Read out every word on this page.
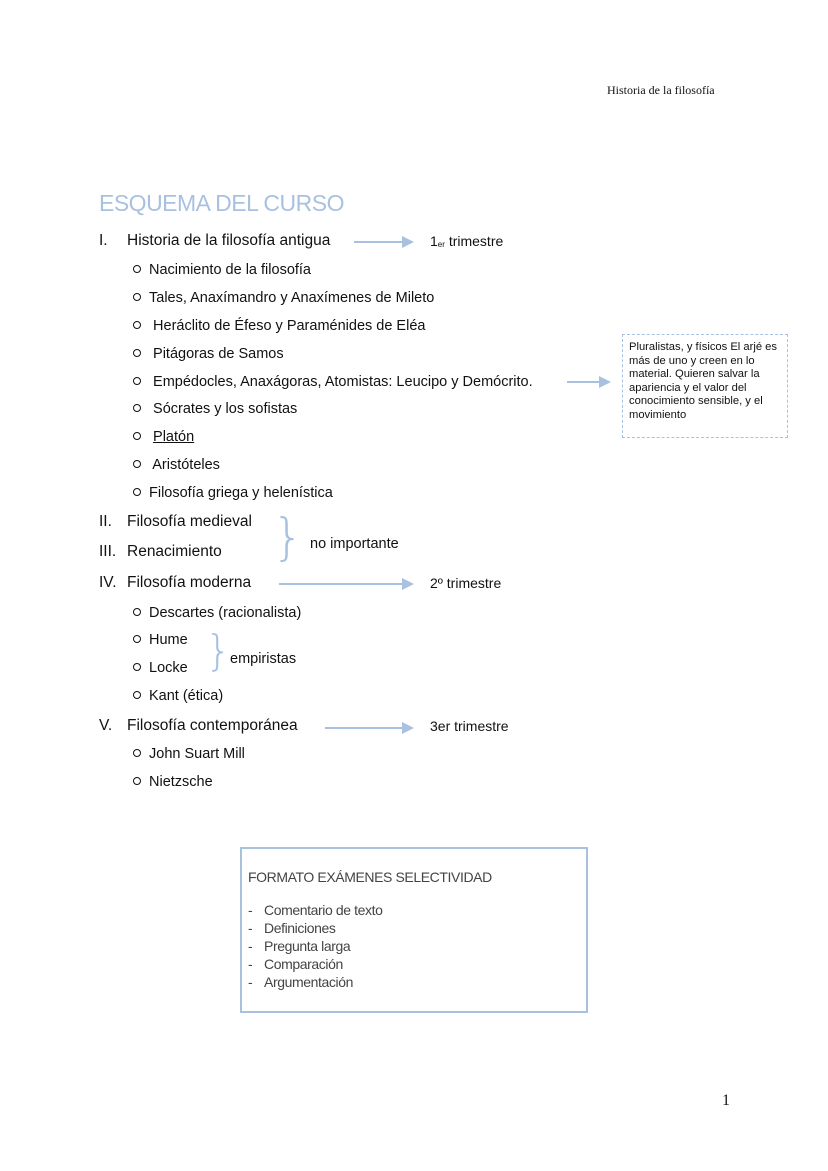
Historia de la filosofía
ESQUEMA DEL CURSO
I. Historia de la filosofía antigua	$1_{er}$ trimestre
Nacimiento de la filosofía
Tales, Anaxímandro y Anaxímenes de Mileto
Heráclito de Éfeso y Paraménides de Eléa
Pitágoras de Samos
Empédocles, Anaxágoras, Atomistas: Leucipo y Demócrito.
Sócrates y los sofistas
Platón
Aristóteles
Filosofía griega y helenística
Pluralistas, y físicos El arjé es más de uno y creen en lo material. Quieren salvar la apariencia y el valor del conocimiento sensible, y el movimiento
II. Filosofía medieval
III. Renacimiento } no importante
IV. Filosofía moderna	2º trimestre
Descartes (racionalista)
Hume
Locke }
empiristas
Kant (ética)
V. Filosofía contemporánea	3er trimestre
John Suart Mill
Nietzsche
FORMATO EXÁMENES SELECTIVIDAD
- Comentario de texto
- Definiciones
- Pregunta larga
- Comparación
- Argumentación
1
